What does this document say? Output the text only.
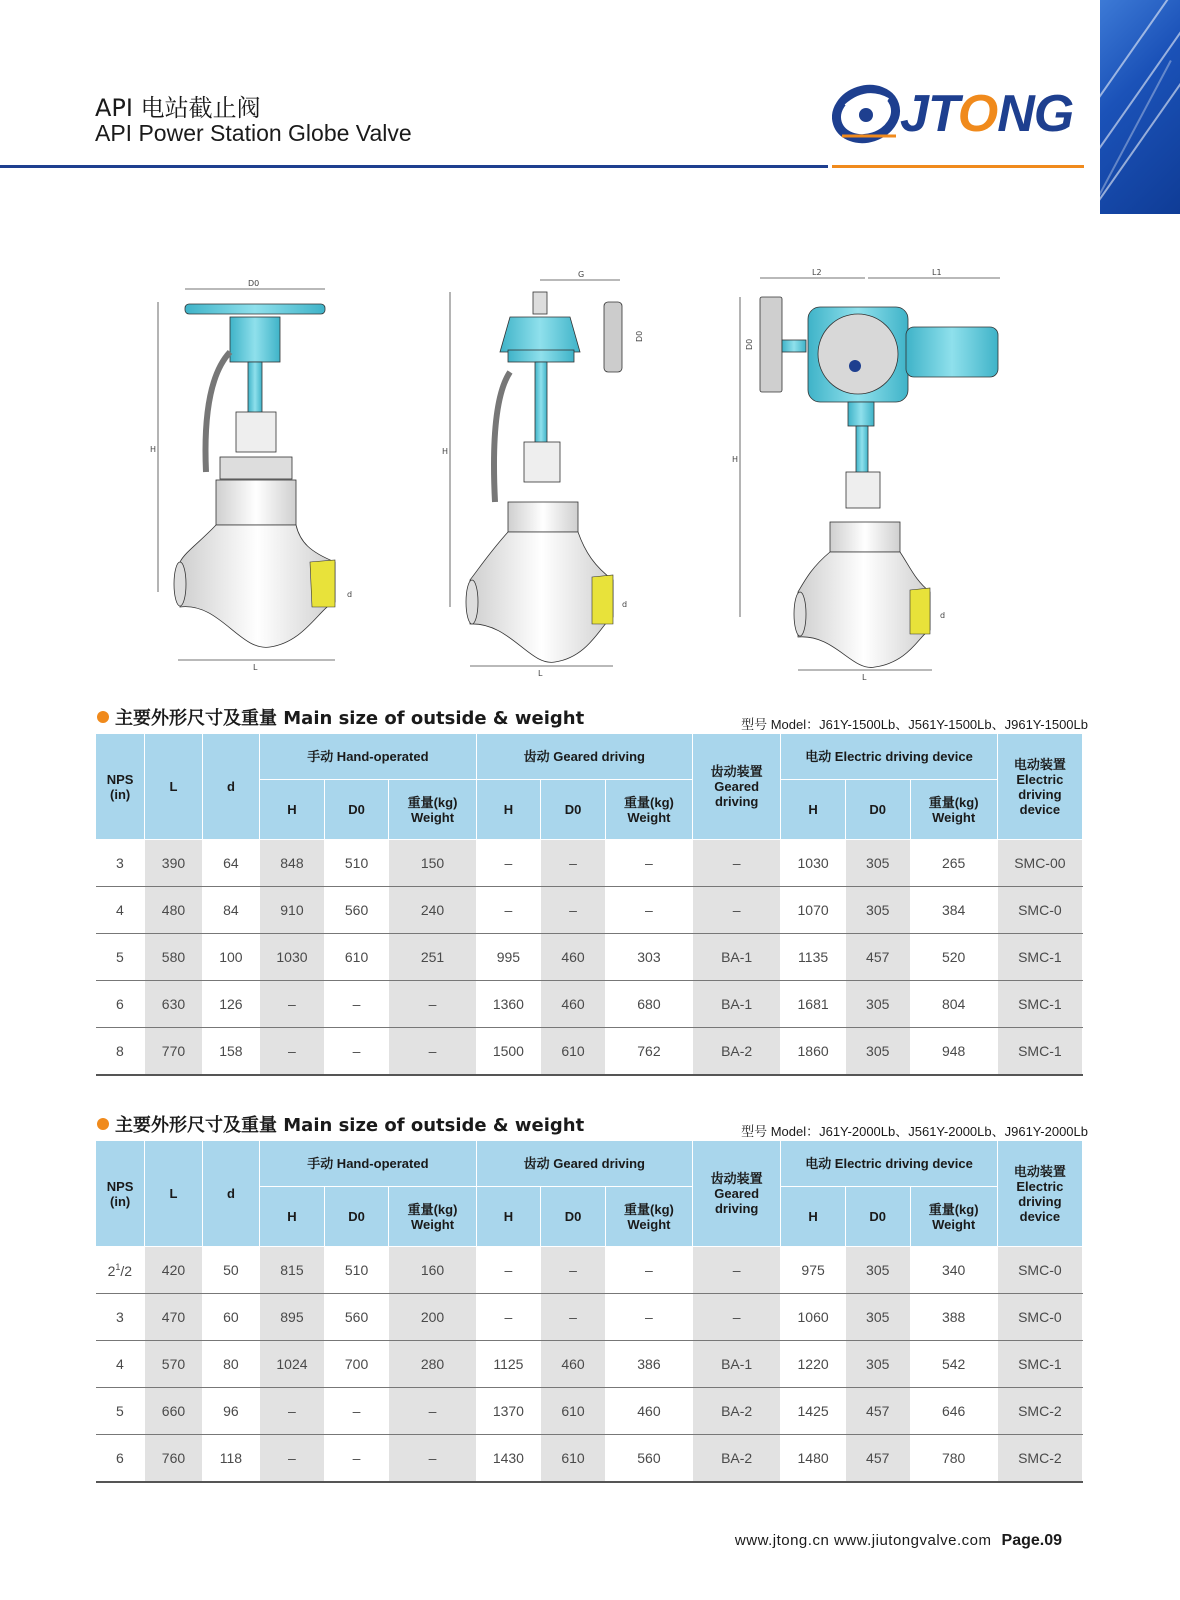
API 电站截止阀
API Power Station Globe Valve	JTONG
D0
H
L
d
G
D0
H
L
d
L2	L1
D0
H
L
d
主要外形尺寸及重量 Main size of outside & weight	型号 Model：J61Y-1500Lb、J561Y-1500Lb、J961Y-1500Lb
NPS (in)	L	d	手动 Hand-operated			齿动 Geared driving			齿动装置 Geared driving	电动 Electric driving device			电动装置 Electric driving device
			H	D0	重量(kg) Weight	H	D0	重量(kg) Weight		H	D0	重量(kg) Weight	
3	390	64	848	510	150	–	–	–	–	1030	305	265	SMC-00
4	480	84	910	560	240	–	–	–	–	1070	305	384	SMC-0
5	580	100	1030	610	251	995	460	303	BA-1	1135	457	520	SMC-1
6	630	126	–	–	–	1360	460	680	BA-1	1681	305	804	SMC-1
8	770	158	–	–	–	1500	610	762	BA-2	1860	305	948	SMC-1
主要外形尺寸及重量 Main size of outside & weight	型号 Model：J61Y-2000Lb、J561Y-2000Lb、J961Y-2000Lb
NPS (in)	L	d	手动 Hand-operated			齿动 Geared driving			齿动装置 Geared driving	电动 Electric driving device			电动装置 Electric driving device
			H	D0	重量(kg) Weight	H	D0	重量(kg) Weight		H	D0	重量(kg) Weight	
$2^1/2$	420	50	815	510	160	–	–	–	–	975	305	340	SMC-0
3	470	60	895	560	200	–	–	–	–	1060	305	388	SMC-0
4	570	80	1024	700	280	1125	460	386	BA-1	1220	305	542	SMC-1
5	660	96	–	–	–	1370	610	460	BA-2	1425	457	646	SMC-2
6	760	118	–	–	–	1430	610	560	BA-2	1480	457	780	SMC-2
www.jtong.cn www.jiutongvalve.com Page.09
